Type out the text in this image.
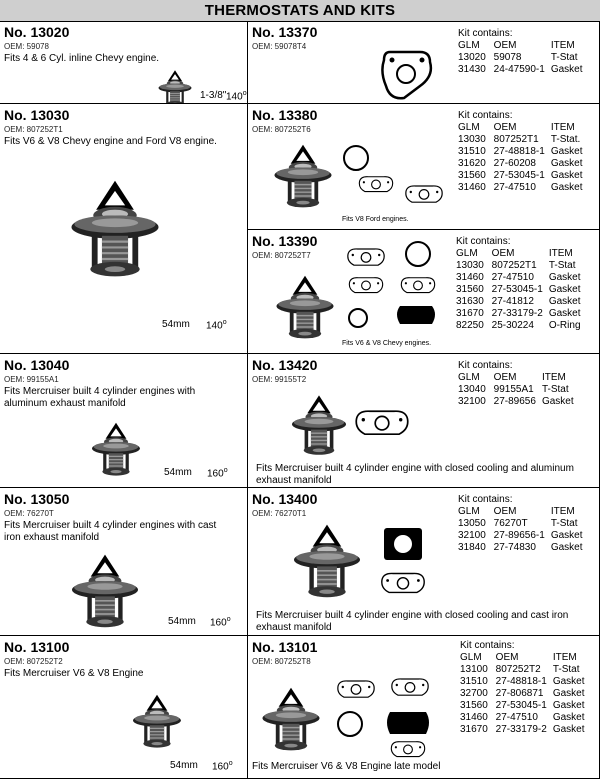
THERMOSTATS AND KITS
No. 13020
OEM: 59078
Fits 4 & 6 Cyl. inline Chevy engine.
1-3/8" 140$^o$
No. 13370
OEM: 59078T4
Kit contains:
GLM	OEM	ITEM
13020	59078	T-Stat
31430	24-47590-1	Gasket
No. 13030
OEM: 807252T1
Fits V6 & V8 Chevy engine and Ford V8 engine.
54mm 140$^o$
No. 13380
OEM: 807252T6
Fits V8 Ford engines.
Kit contains:
GLM	OEM	ITEM
13030	807252T1	T-Stat.
31510	27-48818-1	Gasket
31620	27-60208	Gasket
31560	27-53045-1	Gasket
31460	27-47510	Gasket
No. 13390
OEM: 807252T7
Fits V6 & V8 Chevy engines.
Kit contains:
GLM	OEM	ITEM
13030	807252T1	T-Stat
31460	27-47510	Gasket
31560	27-53045-1	Gasket
31630	27-41812	Gasket
31670	27-33179-2	Gasket
82250	25-30224	O-Ring
No. 13040
OEM: 99155A1
Fits Mercruiser built 4 cylinder engines with aluminum exhaust manifold
54mm 160$^o$
No. 13420
OEM: 99155T2
Fits Mercruiser built 4 cylinder engine with closed cooling and aluminum exhaust manifold
Kit contains:
GLM	OEM	ITEM
13040	99155A1	T-Stat
32100	27-89656	Gasket
No. 13050
OEM: 76270T
Fits Mercruiser built 4 cylinder engines with cast iron exhaust manifold
54mm 160$^o$
No. 13400
OEM: 76270T1
Fits Mercruiser built 4 cylinder engine with closed cooling and cast iron exhaust manifold
Kit contains:
GLM	OEM	ITEM
13050	76270T	T-Stat
32100	27-89656-1	Gasket
31840	27-74830	Gasket
No. 13100
OEM: 807252T2
Fits Mercruiser V6 & V8 Engine
54mm 160$^o$
No. 13101
OEM: 807252T8
Fits Mercruiser V6 & V8 Engine late model
Kit contains:
GLM	OEM	ITEM
13100	807252T2	T-Stat
31510	27-48818-1	Gasket
32700	27-806871	Gasket
31560	27-53045-1	Gasket
31460	27-47510	Gasket
31670	27-33179-2	Gasket
